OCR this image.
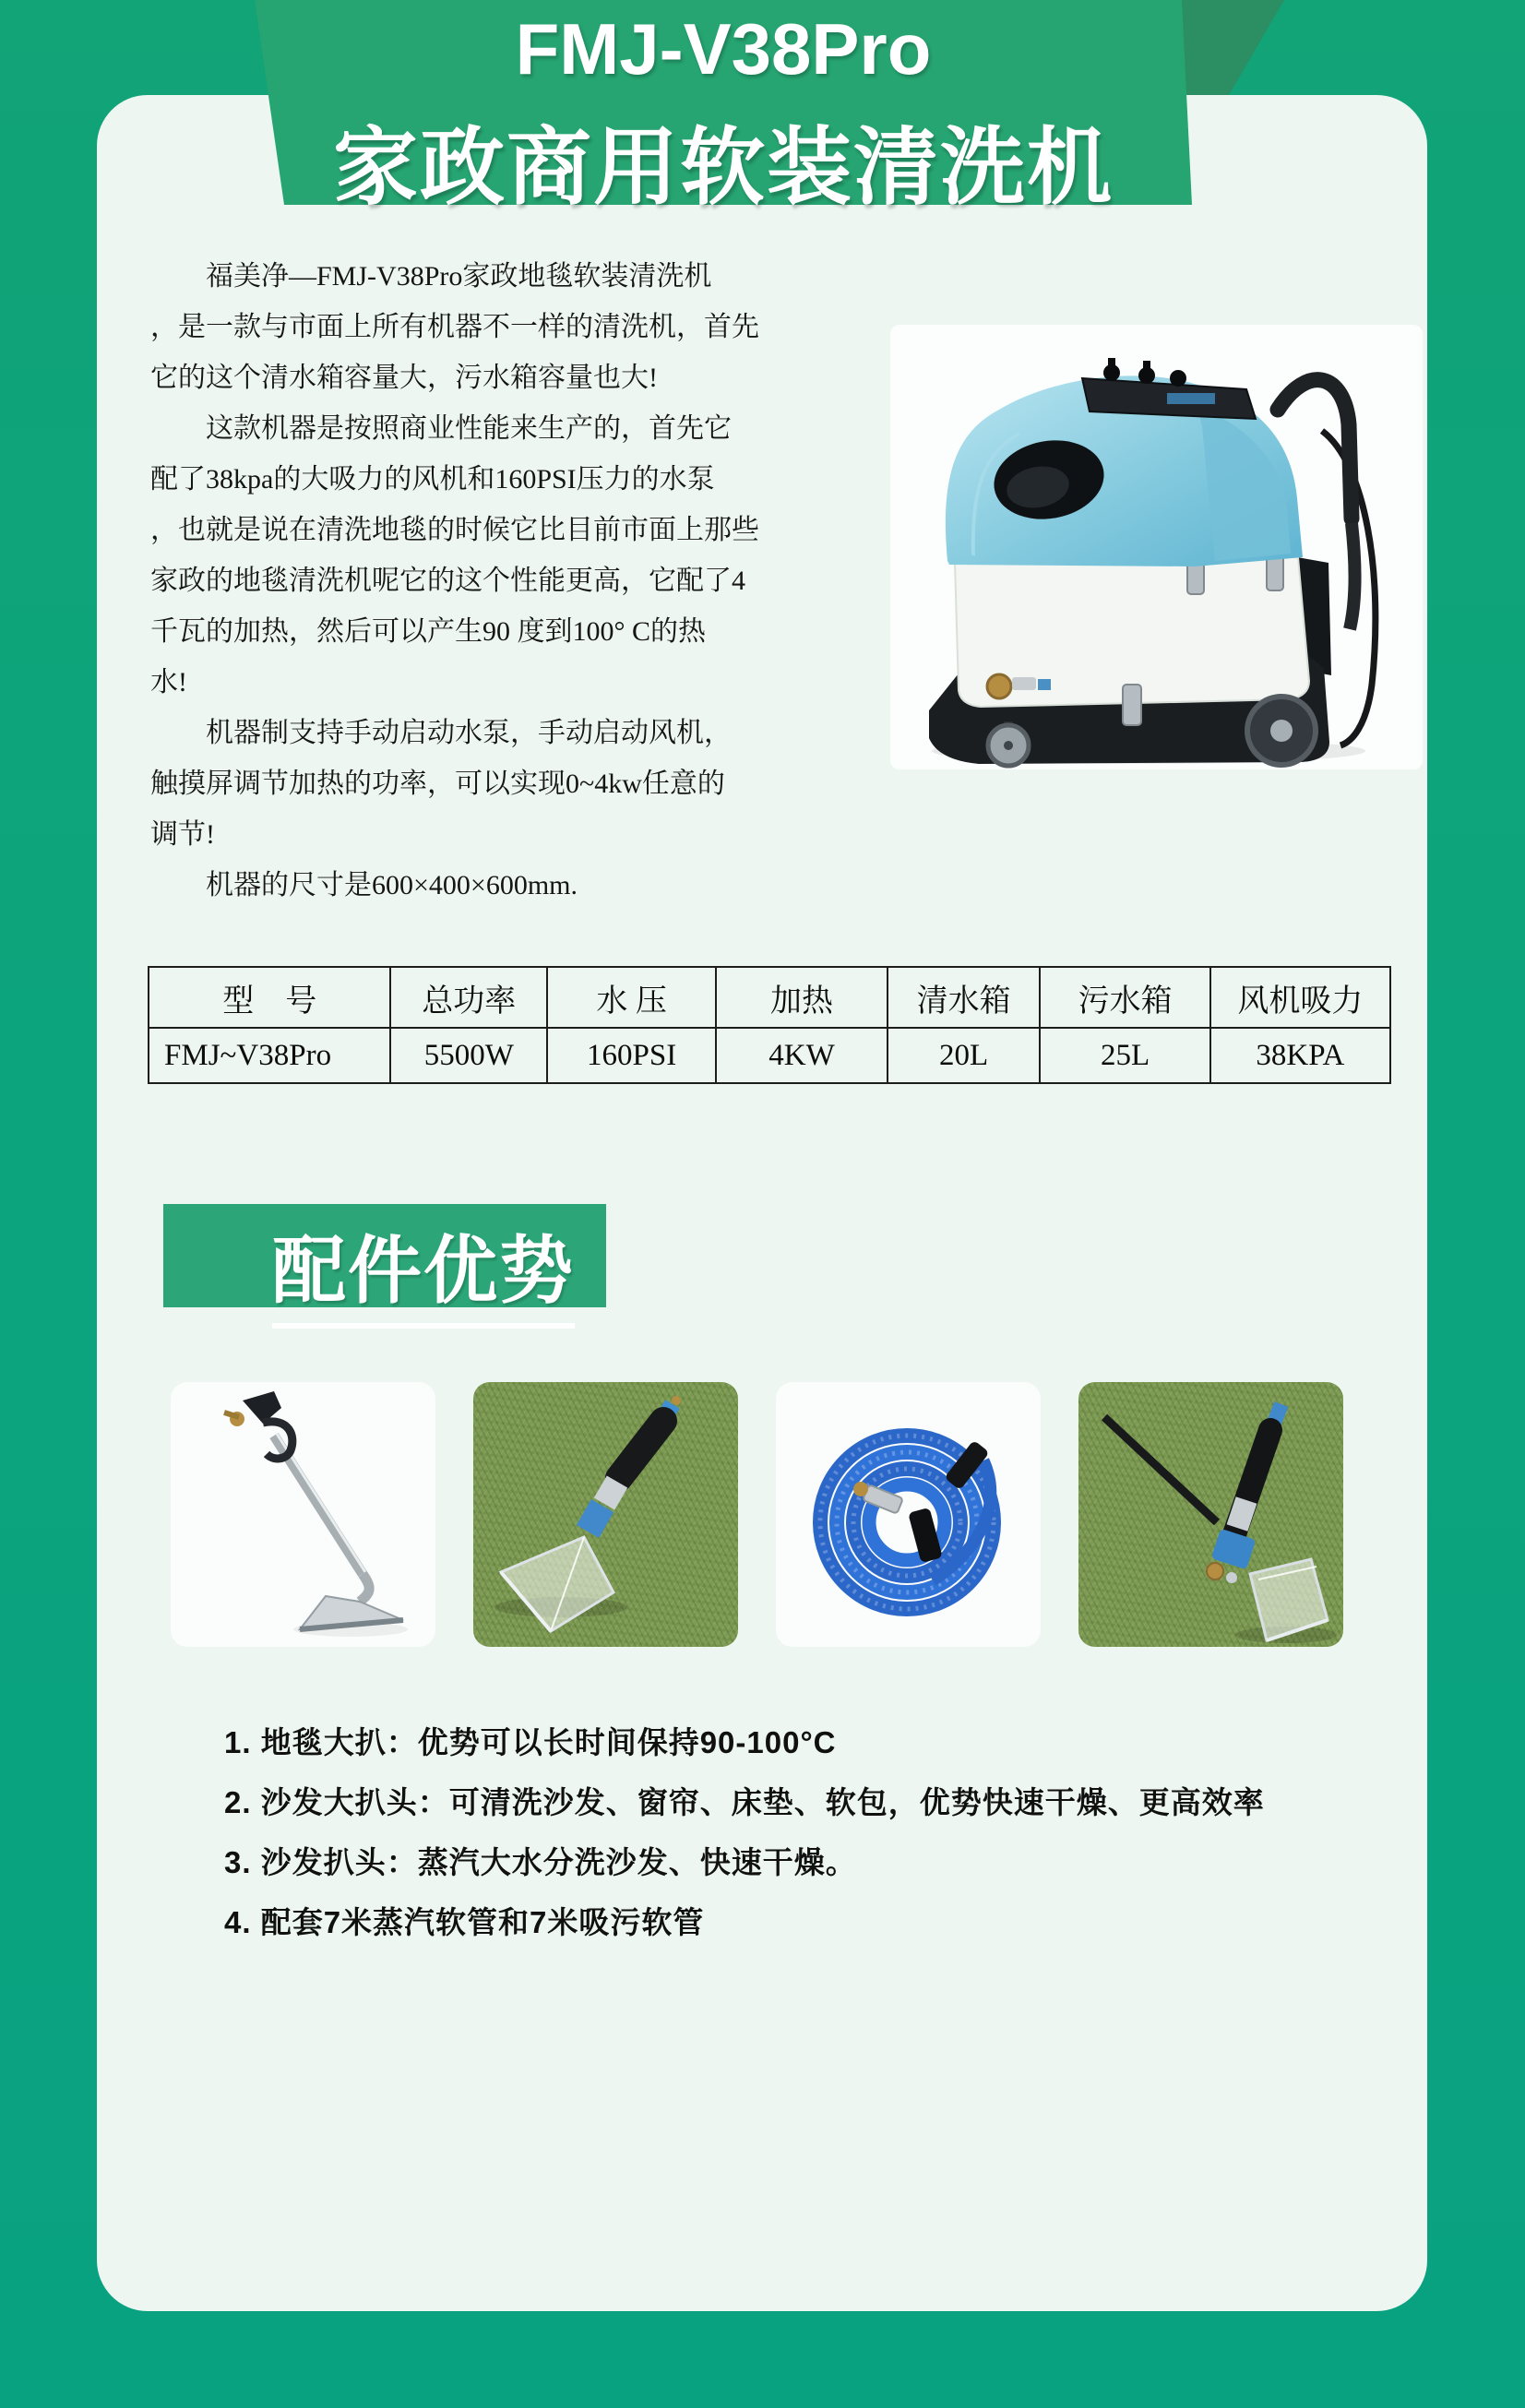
FMJ-V38Pro
家政商用软装清洗机
　　福美净—FMJ-V38Pro家政地毯软装清洗机
，是一款与市面上所有机器不一样的清洗机，首先
它的这个清水箱容量大，污水箱容量也大!
　　这款机器是按照商业性能来生产的，首先它
配了38kpa的大吸力的风机和160PSI压力的水泵
，也就是说在清洗地毯的时候它比目前市面上那些
家政的地毯清洗机呢它的这个性能更高，它配了4
千瓦的加热，然后可以产生90 度到100° C的热
水!
　　机器制支持手动启动水泵，手动启动风机，
触摸屏调节加热的功率，可以实现0~4kw任意的
调节!
　　机器的尺寸是600×400×600mm.
型　号	总功率	水 压	加热	清水箱	污水箱	风机吸力
FMJ~V38Pro	5500W	160PSI	4KW	20L	25L	38KPA
配件优势
1. 地毯大扒：优势可以长时间保持90-100°C
2. 沙发大扒头：可清洗沙发、窗帘、床垫、软包，优势快速干燥、更高效率
3. 沙发扒头：蒸汽大水分洗沙发、快速干燥。
4. 配套7米蒸汽软管和7米吸污软管
